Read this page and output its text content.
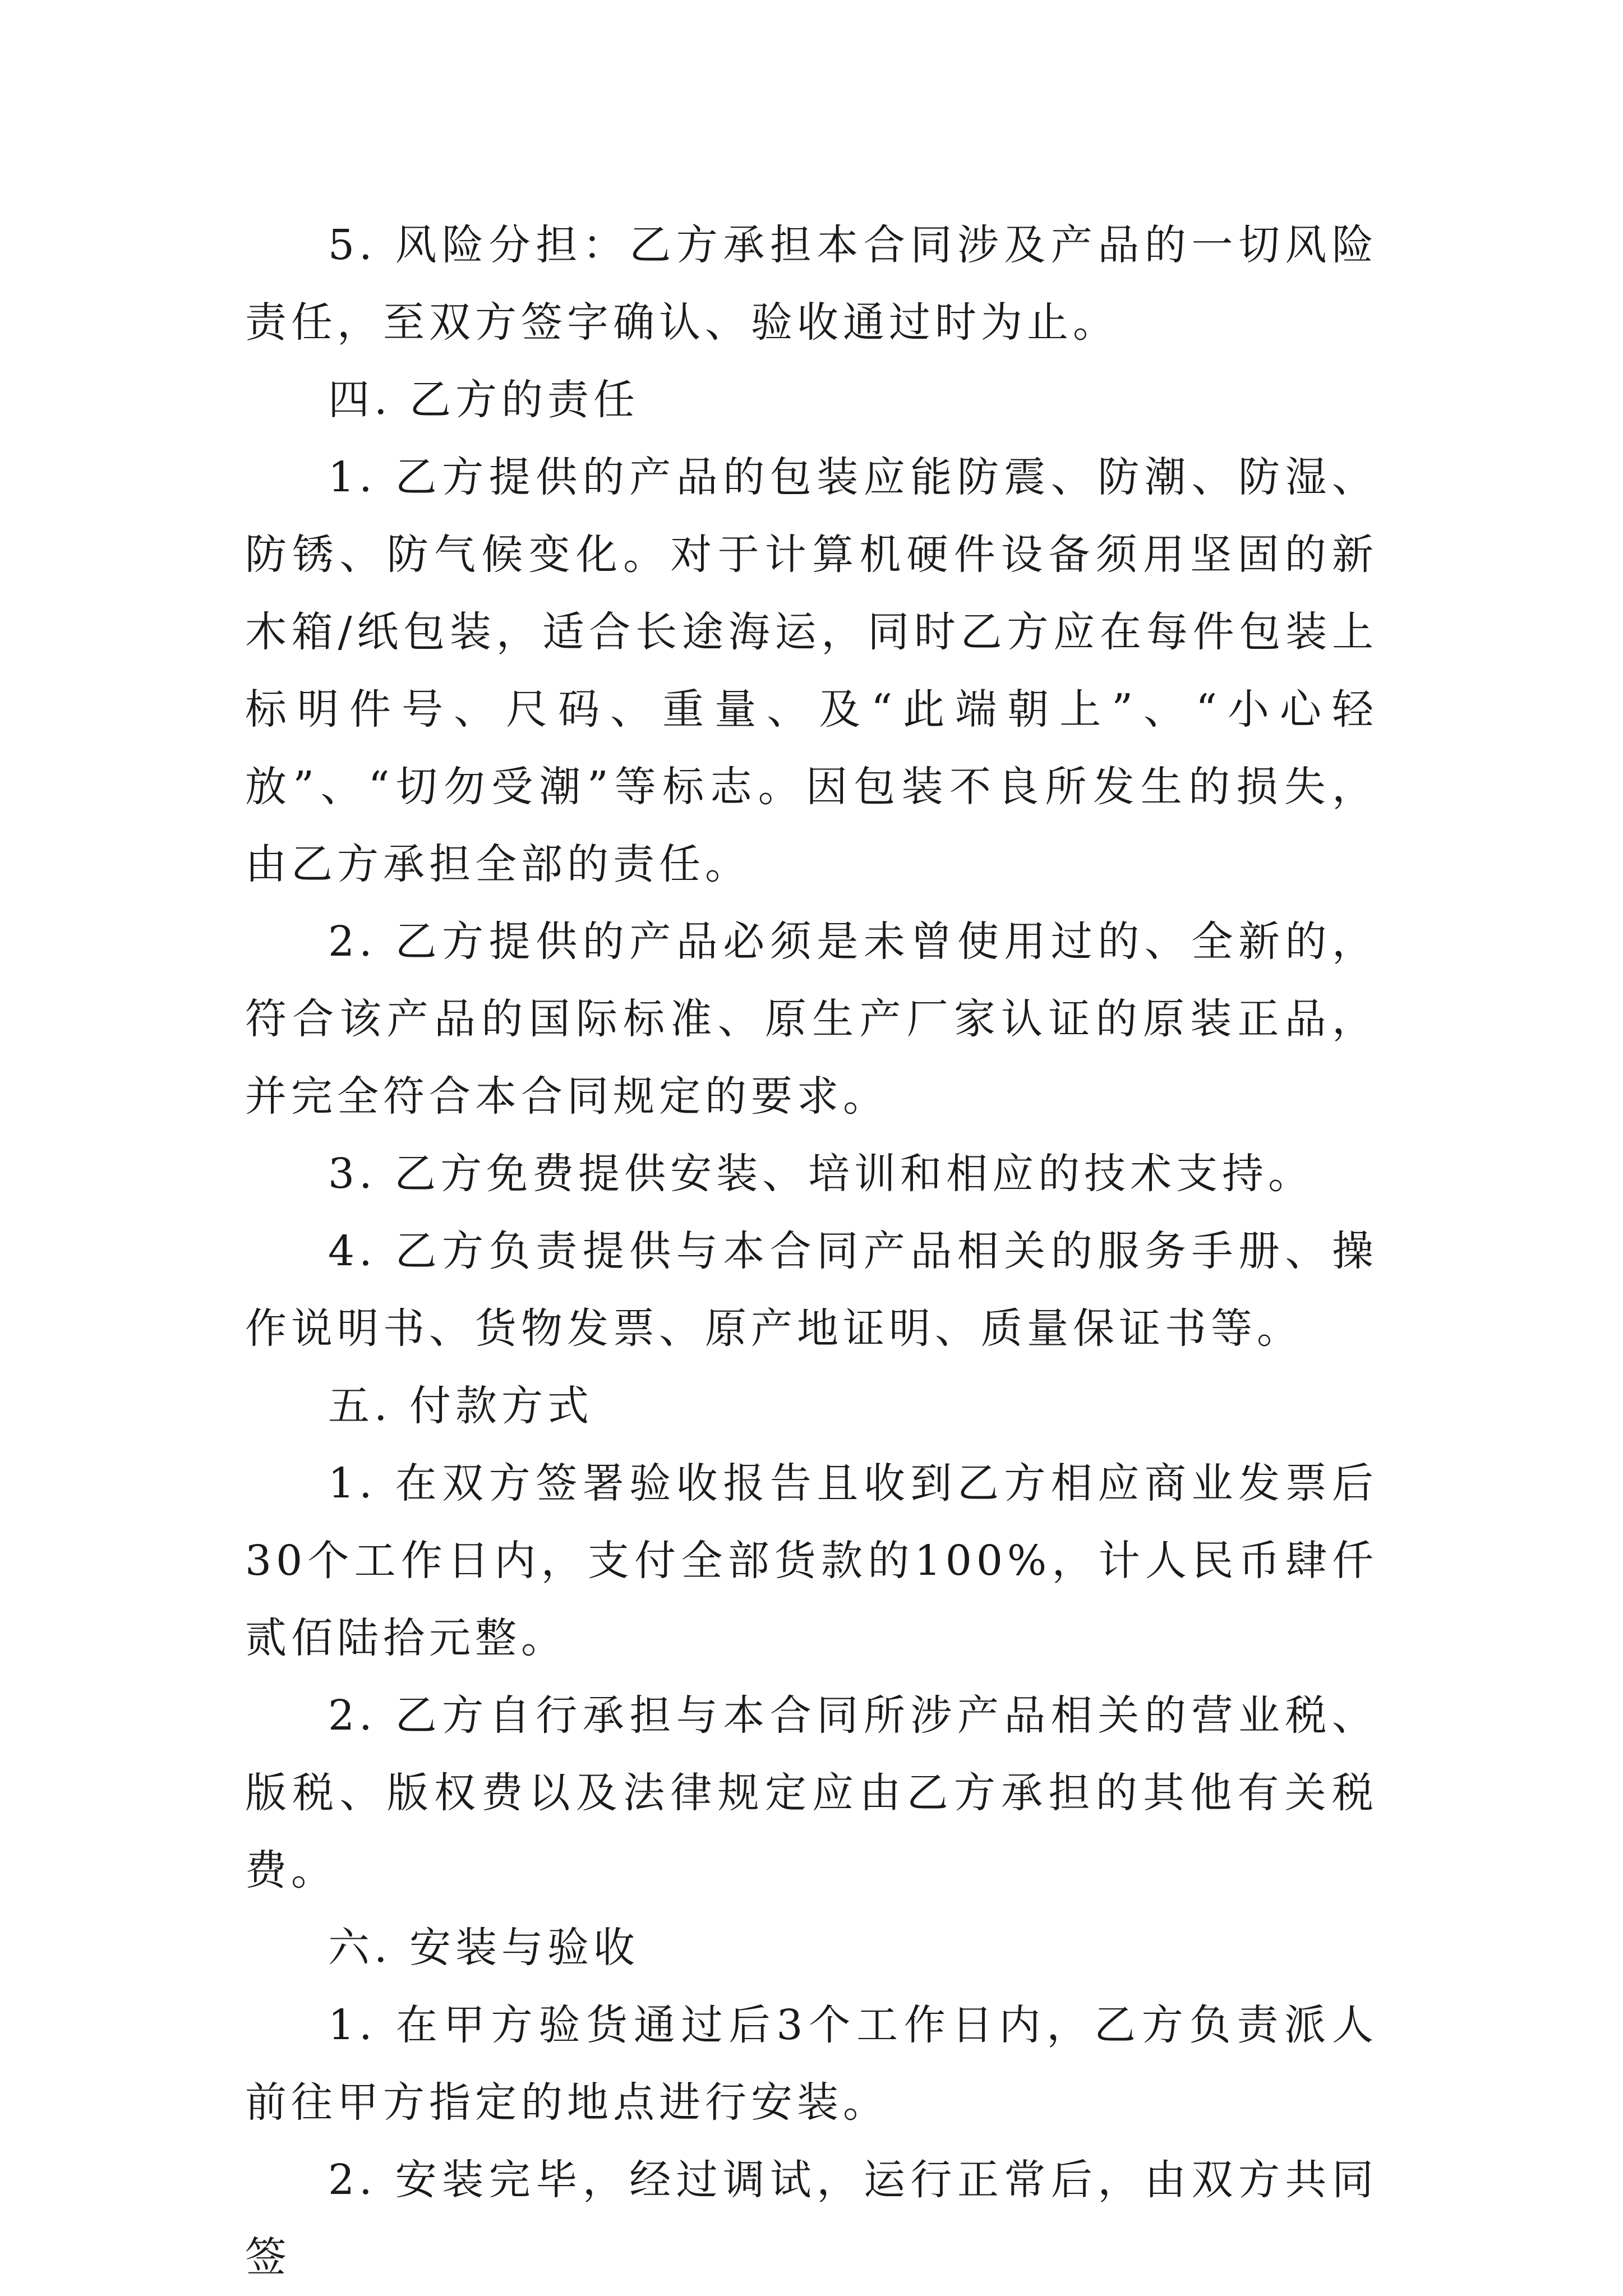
5. 风险分担：乙方承担本合同涉及产品的一切风险责任，至双方签字确认、验收通过时为止。

四. 乙方的责任

1. 乙方提供的产品的包装应能防震、防潮、防湿、防锈、防气候变化。对于计算机硬件设备须用坚固的新木箱/纸包装，适合长途海运，同时乙方应在每件包装上标明件号、尺码、重量、及“此端朝上”、“小心轻放”、“切勿受潮”等标志。因包装不良所发生的损失，由乙方承担全部的责任。

2. 乙方提供的产品必须是未曾使用过的、全新的，符合该产品的国际标准、原生产厂家认证的原装正品，并完全符合本合同规定的要求。

3. 乙方免费提供安装、培训和相应的技术支持。

4. 乙方负责提供与本合同产品相关的服务手册、操作说明书、货物发票、原产地证明、质量保证书等。

五. 付款方式

1. 在双方签署验收报告且收到乙方相应商业发票后30个工作日内，支付全部货款的100%，计人民币肆仟贰佰陆拾元整。

2. 乙方自行承担与本合同所涉产品相关的营业税、版税、版权费以及法律规定应由乙方承担的其他有关税费。

六. 安装与验收

1. 在甲方验货通过后3个工作日内，乙方负责派人前往甲方指定的地点进行安装。

2. 安装完毕，经过调试，运行正常后，由双方共同签
